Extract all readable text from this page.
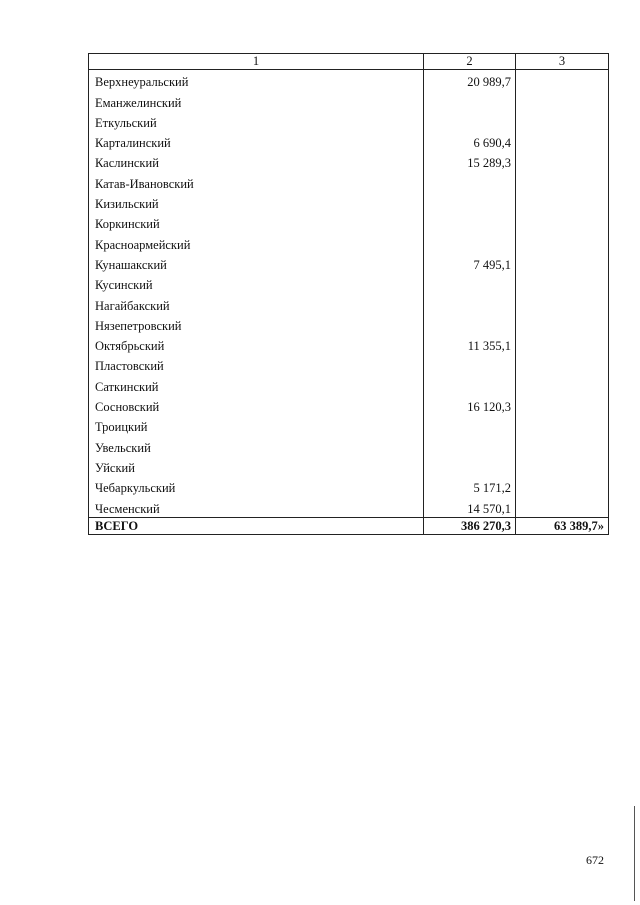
1	2	3
Верхнеуральский	20 989,7	
Еманжелинский		
Еткульский		
Карталинский	6 690,4	
Каслинский	15 289,3	
Катав-Ивановский		
Кизильский		
Коркинский		
Красноармейский		
Кунашакский	7 495,1	
Кусинский		
Нагайбакский		
Нязепетровский		
Октябрьский	11 355,1	
Пластовский		
Саткинский		
Сосновский	16 120,3	
Троицкий		
Увельский		
Уйский		
Чебаркульский	5 171,2	
Чесменский	14 570,1	
ВСЕГО	386 270,3	63 389,7»
672
